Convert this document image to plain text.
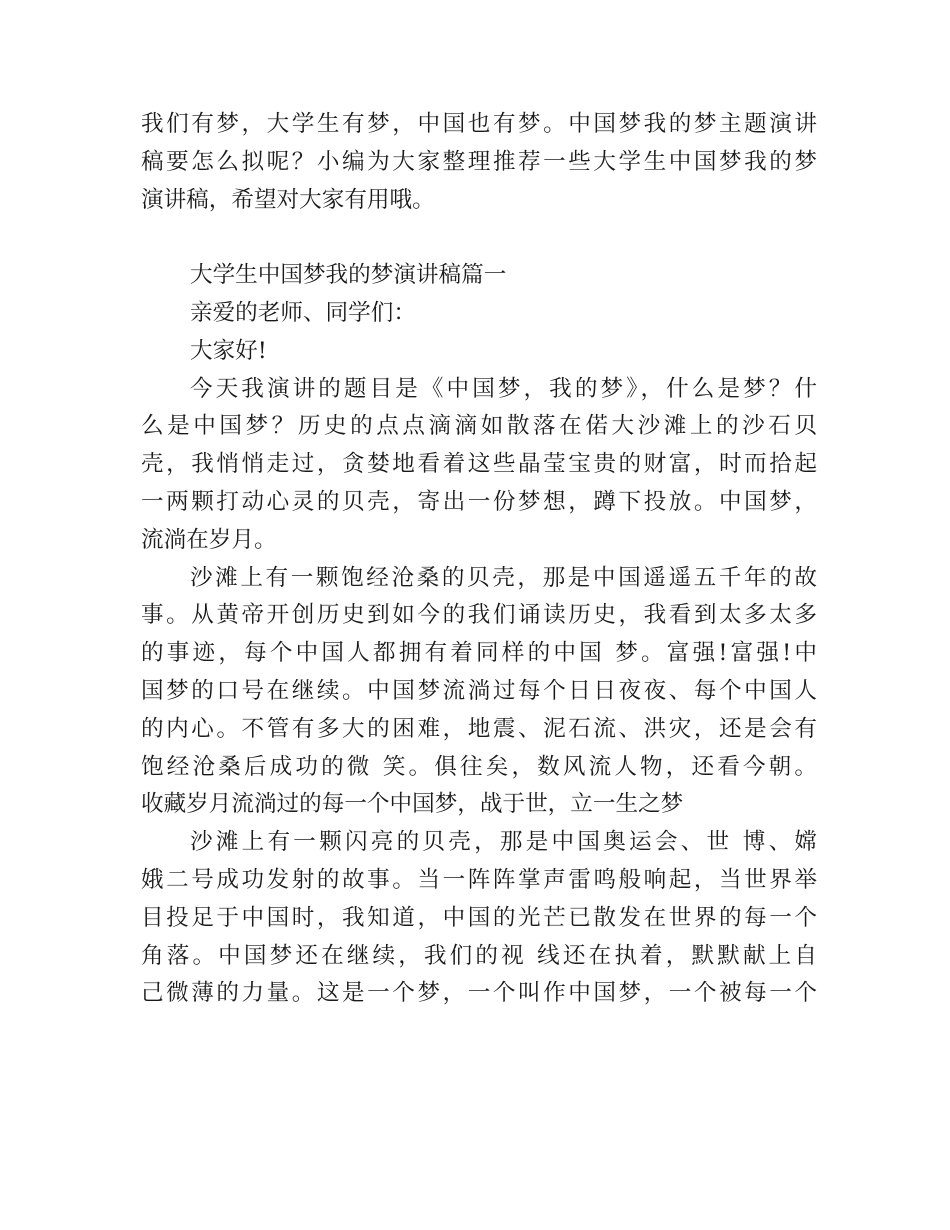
我们有梦，大学生有梦，中国也有梦。中国梦我的梦主题演讲
稿要怎么拟呢？小编为大家整理推荐一些大学生中国梦我的梦
演讲稿，希望对大家有用哦。
大学生中国梦我的梦演讲稿篇一
亲爱的老师、同学们：
大家好!
今天我演讲的题目是《中国梦，我的梦》，什么是梦？什
么是中国梦？历史的点点滴滴如散落在偌大沙滩上的沙石贝
壳，我悄悄走过，贪婪地看着这些晶莹宝贵的财富，时而拾起
一两颗打动心灵的贝壳，寄出一份梦想，蹲下投放。中国梦，
流淌在岁月。
沙滩上有一颗饱经沧桑的贝壳，那是中国遥遥五千年的故
事。从黄帝开创历史到如今的我们诵读历史，我看到太多太多
的事迹，每个中国人都拥有着同样的中国 梦。富强!富强!中
国梦的口号在继续。中国梦流淌过每个日日夜夜、每个中国人
的内心。不管有多大的困难，地震、泥石流、洪灾，还是会有
饱经沧桑后成功的微 笑。俱往矣，数风流人物，还看今朝。
收藏岁月流淌过的每一个中国梦，战于世，立一生之梦
沙滩上有一颗闪亮的贝壳，那是中国奥运会、世 博、嫦
娥二号成功发射的故事。当一阵阵掌声雷鸣般响起，当世界举
目投足于中国时，我知道，中国的光芒已散发在世界的每一个
角落。中国梦还在继续，我们的视 线还在执着，默默献上自
己微薄的力量。这是一个梦，一个叫作中国梦，一个被每一个
